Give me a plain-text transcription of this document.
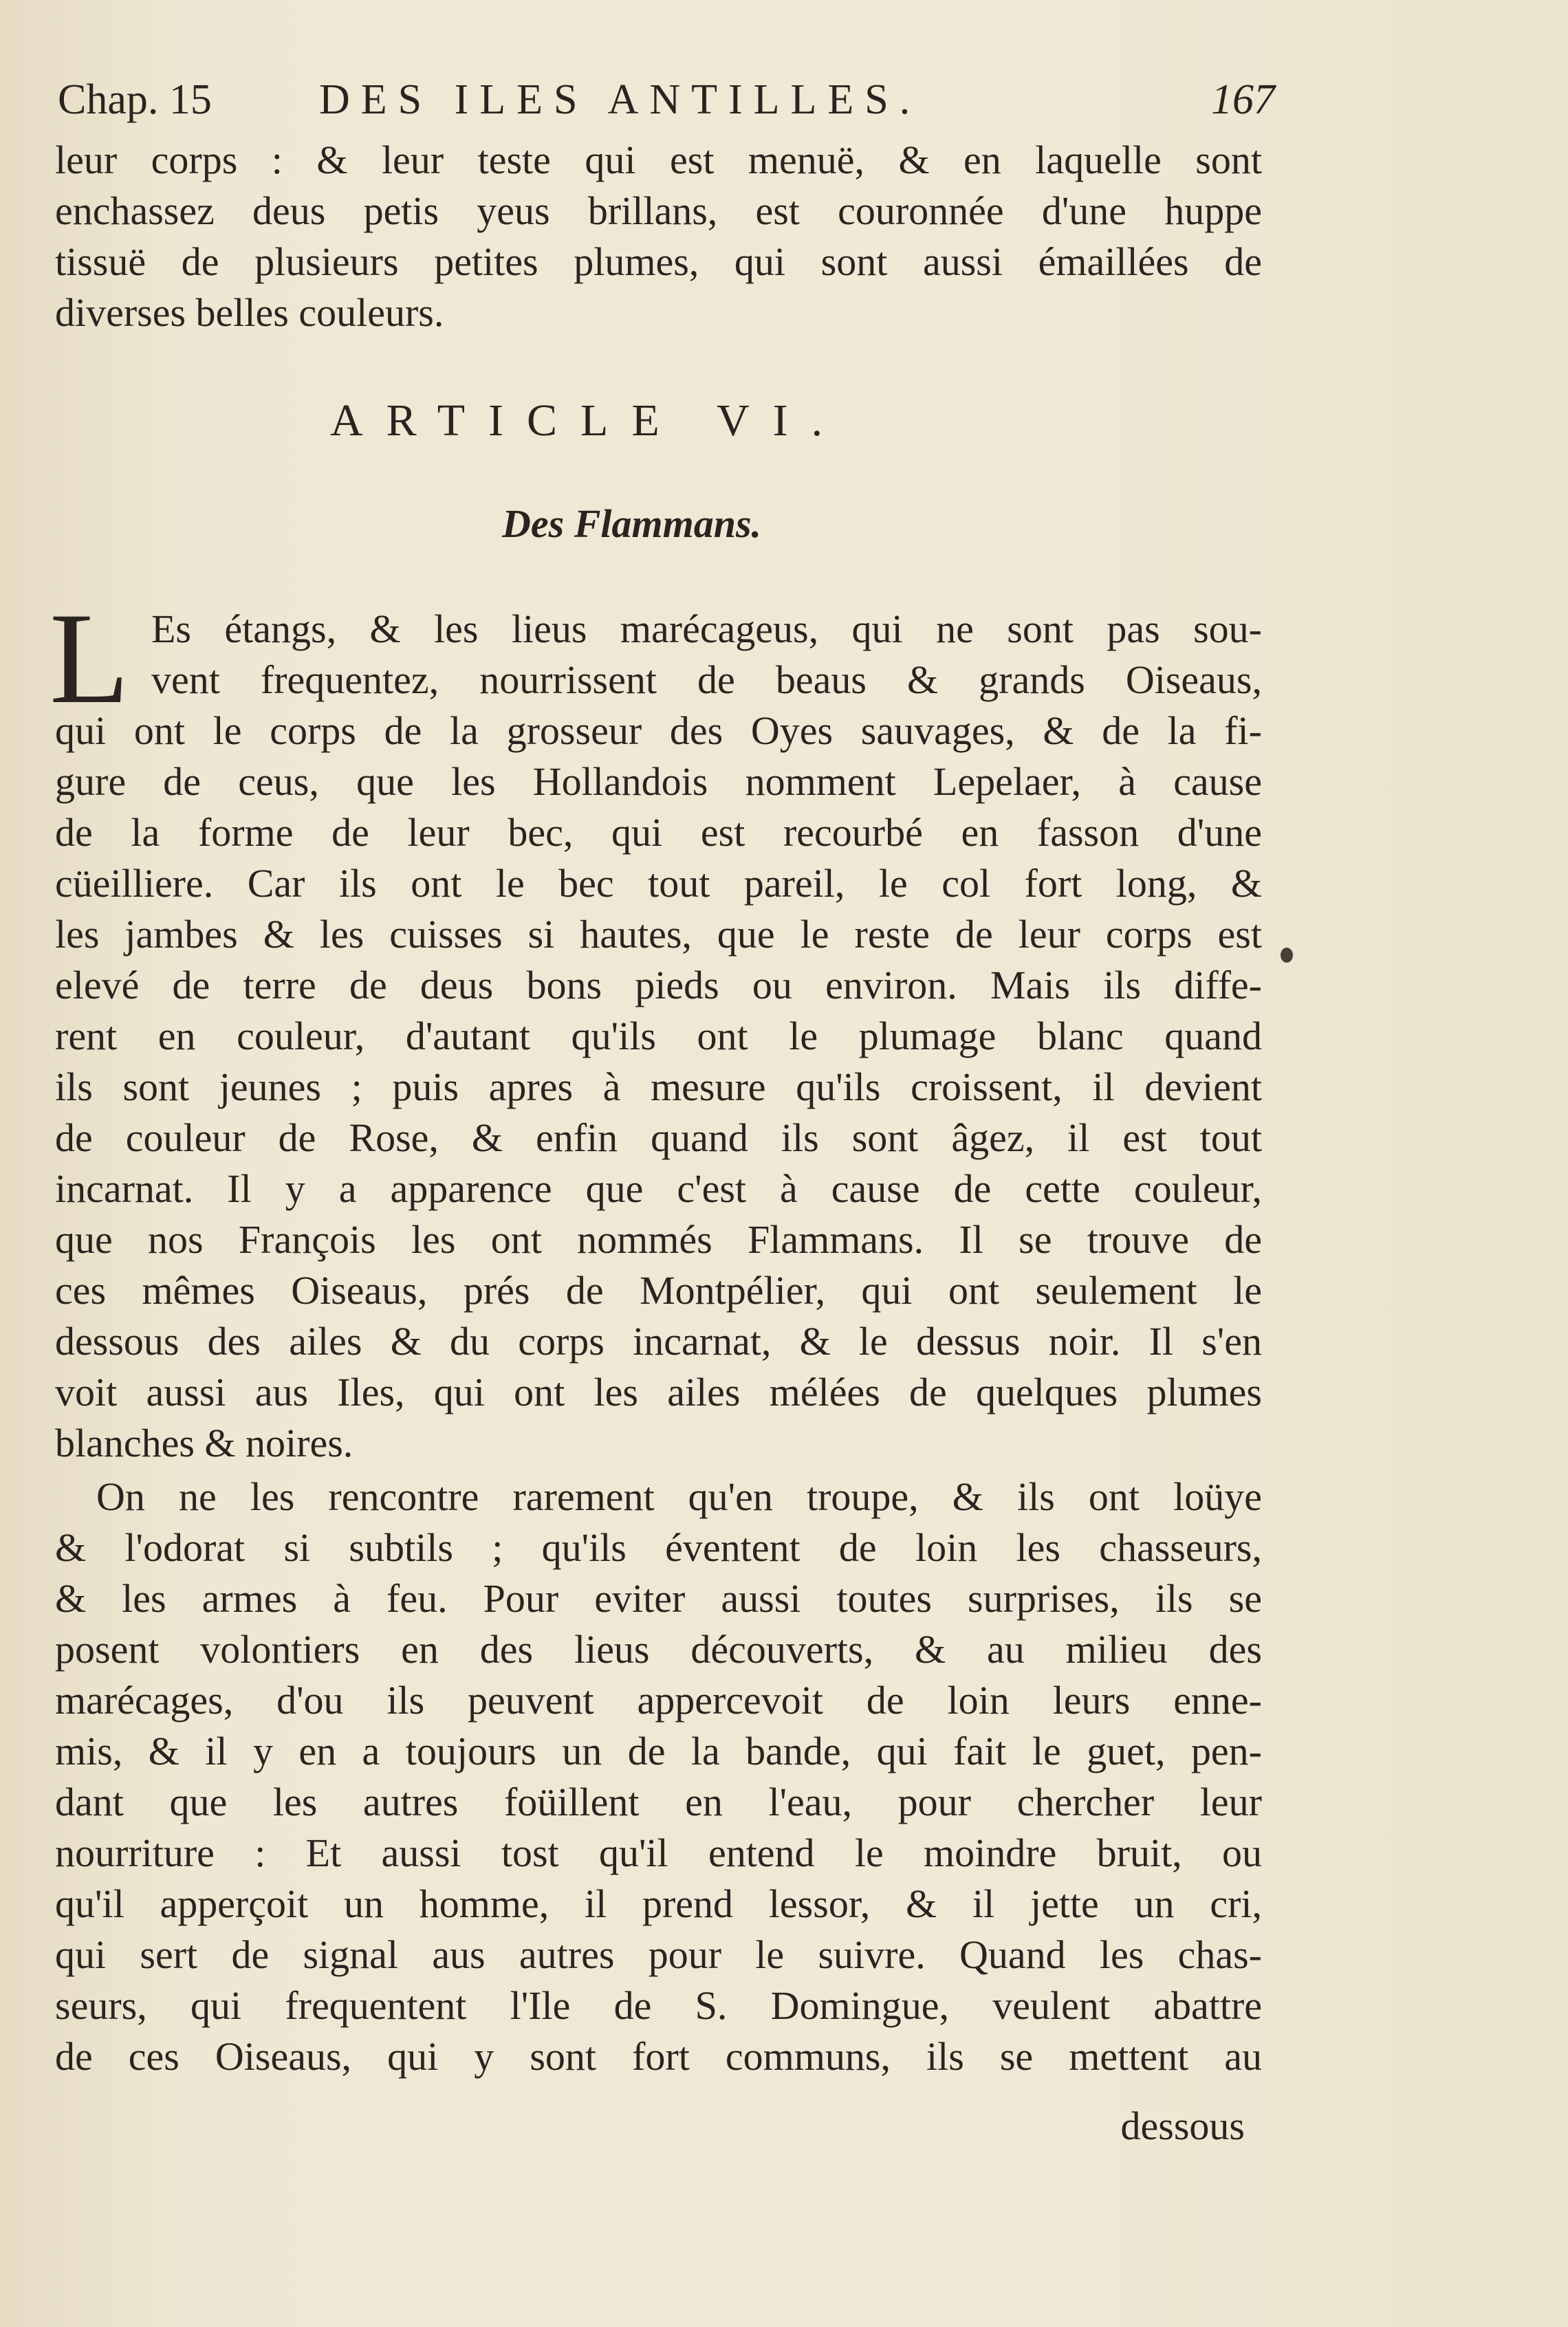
Chap. 15	DES ILES ANTILLES.	167
leur corps : & leur teste qui est menuë, & en laquelle sont
enchassez deus petis yeus brillans, est couronnée d'une huppe
tissuë de plusieurs petites plumes, qui sont aussi émaillées de
diverses belles couleurs.
ARTICLE VI.
Des Flammans.
L Es étangs, & les lieus marécageus, qui ne sont pas sou-
vent frequentez, nourrissent de beaus & grands Oiseaus,
qui ont le corps de la grosseur des Oyes sauvages, & de la fi-
gure de ceus, que les Hollandois nomment Lepelaer, à cause
de la forme de leur bec, qui est recourbé en fasson d'une
cüeilliere. Car ils ont le bec tout pareil, le col fort long, &
les jambes & les cuisses si hautes, que le reste de leur corps est
elevé de terre de deus bons pieds ou environ. Mais ils diffe-
rent en couleur, d'autant qu'ils ont le plumage blanc quand
ils sont jeunes ; puis apres à mesure qu'ils croissent, il devient
de couleur de Rose, & enfin quand ils sont âgez, il est tout
incarnat. Il y a apparence que c'est à cause de cette couleur,
que nos François les ont nommés Flammans. Il se trouve de
ces mêmes Oiseaus, prés de Montpélier, qui ont seulement le
dessous des ailes & du corps incarnat, & le dessus noir. Il s'en
voit aussi aus Iles, qui ont les ailes mélées de quelques plumes
blanches & noires.
On ne les rencontre rarement qu'en troupe, & ils ont loüye
& l'odorat si subtils ; qu'ils éventent de loin les chasseurs,
& les armes à feu. Pour eviter aussi toutes surprises, ils se
posent volontiers en des lieus découverts, & au milieu des
marécages, d'ou ils peuvent appercevoit de loin leurs enne-
mis, & il y en a toujours un de la bande, qui fait le guet, pen-
dant que les autres foüillent en l'eau, pour chercher leur
nourriture : Et aussi tost qu'il entend le moindre bruit, ou
qu'il apperçoit un homme, il prend lessor, & il jette un cri,
qui sert de signal aus autres pour le suivre. Quand les chas-
seurs, qui frequentent l'Ile de S. Domingue, veulent abattre
de ces Oiseaus, qui y sont fort communs, ils se mettent au
dessous
